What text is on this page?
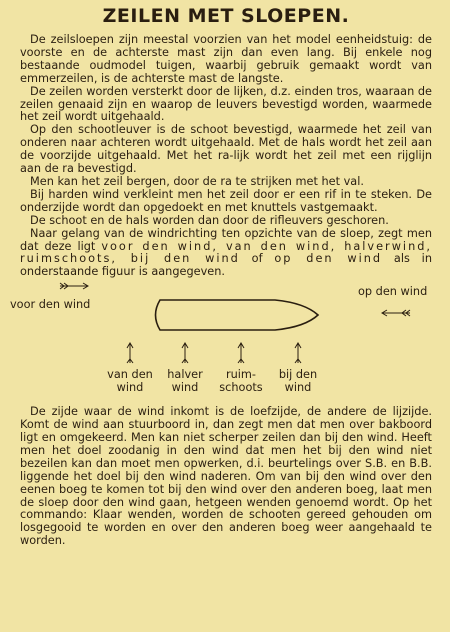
ZEILEN MET SLOEPEN.

De zeilsloepen zijn meestal voorzien van het model eenheidstuig: de voorste en de achterste mast zijn dan even lang. Bij enkele nog bestaande oudmodel tuigen, waarbij gebruik gemaakt wordt van emmerzeilen, is de achterste mast de langste.

De zeilen worden versterkt door de lijken, d.z. einden tros, waaraan de zeilen genaaid zijn en waarop de leuvers bevestigd worden, waarmede het zeil wordt uitgehaald.

Op den schootleuver is de schoot bevestigd, waarmede het zeil van onderen naar achteren wordt uitgehaald. Met de hals wordt het zeil aan de voorzijde uitgehaald. Met het ra-lijk wordt het zeil met een rijglijn aan de ra bevestigd.

Men kan het zeil bergen, door de ra te strijken met het val.

Bij harden wind verkleint men het zeil door er een rif in te steken. De onderzijde wordt dan opgedoekt en met knuttels vastgemaakt.

De schoot en de hals worden dan door de rifleuvers geschoren.

Naar gelang van de windrichting ten opzichte van de sloep, zegt men dat deze ligt voor den wind, van den wind, halverwind, ruimschoots, bij den wind of op den wind als in onderstaande figuur is aangegeven.

voor den wind
op den wind
van den
wind
halver
wind
ruim-
schoots
bij den
wind

De zijde waar de wind inkomt is de loefzijde, de andere de lijzijde. Komt de wind aan stuurboord in, dan zegt men dat men over bakboord ligt en omgekeerd. Men kan niet scherper zeilen dan bij den wind. Heeft men het doel zoodanig in den wind dat men het bij den wind niet bezeilen kan dan moet men opwerken, d.i. beurtelings over S.B. en B.B. liggende het doel bij den wind naderen. Om van bij den wind over den eenen boeg te komen tot bij den wind over den anderen boeg, laat men de sloep door den wind gaan, hetgeen wenden genoemd wordt. Op het commando: Klaar wenden, worden de schooten gereed gehouden om losgegooid te worden en over den anderen boeg weer aangehaald te worden.
